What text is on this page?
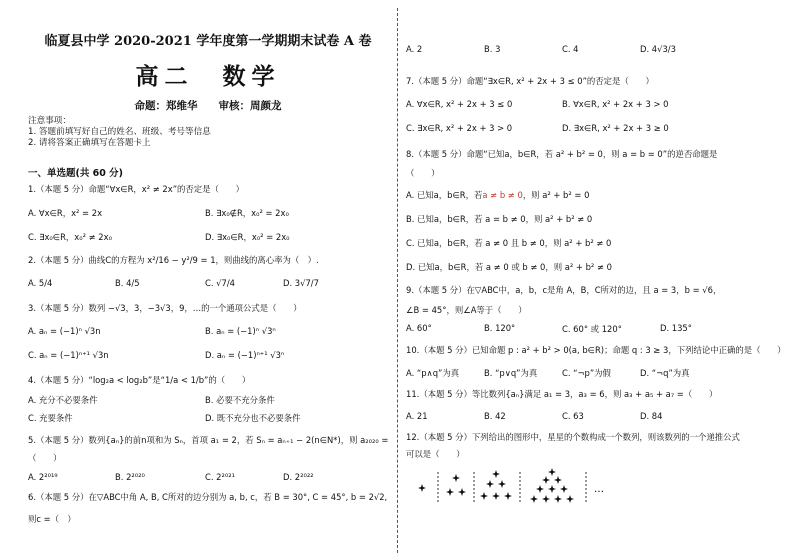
临夏县中学 2020-2021 学年度第一学期期末试卷 A 卷
高二　数学
命题：郑维华　　审核：周颜龙
注意事项：
1. 答题前填写好自己的姓名、班级、考号等信息
2. 请将答案正确填写在答题卡上
一、单选题(共 60 分)
1.（本题 5 分）命题“∀x∈R，x² ≠ 2x”的否定是（　　）
A. ∀x∈R，x² = 2x	B. ∃x₀∉R，x₀² = 2x₀
C. ∃x₀∈R，x₀² ≠ 2x₀	D. ∃x₀∈R，x₀² = 2x₀
2.（本题 5 分）曲线C的方程为 x²/16 − y²/9 = 1，则曲线的离心率为（　）.
A. 5/4	B. 4/5	C. √7/4	D. 3√7/7
3.（本题 5 分）数列 −√3，3，−3√3，9，…的一个通项公式是（　　）
A. aₙ = (−1)ⁿ √3n	B. aₙ = (−1)ⁿ √3ⁿ
C. aₙ = (−1)ⁿ⁺¹ √3n	D. aₙ = (−1)ⁿ⁺¹ √3ⁿ
4.（本题 5 分）“log₂a < log₂b”是“1/a < 1/b”的（　　）
A. 充分不必要条件	B. 必要不充分条件
C. 充要条件	D. 既不充分也不必要条件
5.（本题 5 分）数列{aₙ}的前n项和为 Sₙ，首项 a₁ = 2，若 Sₙ = aₙ₊₁ − 2(n∈N*)，则 a₂₀₂₀ =
（　　）
A. 2²⁰¹⁹	B. 2²⁰²⁰	C. 2²⁰²¹	D. 2²⁰²²
6.（本题 5 分）在▽ABC中角 A, B, C所对的边分别为 a, b, c，若 B = 30°, C = 45°, b = 2√2,
则c =（　）
A. 2	B. 3	C. 4	D. 4√3/3
7.（本题 5 分）命题“∃x∈R, x² + 2x + 3 ≤ 0”的否定是（　　）
A. ∀x∈R, x² + 2x + 3 ≤ 0	B. ∀x∈R, x² + 2x + 3 > 0
C. ∃x∈R, x² + 2x + 3 > 0	D. ∃x∈R, x² + 2x + 3 ≥ 0
8.（本题 5 分）命题“已知a，b∈R，若 a² + b² = 0，则 a = b = 0”的逆否命题是
（　　）
A. 已知a，b∈R，若a ≠ b ≠ 0，则 a² + b² = 0
B. 已知a，b∈R，若 a = b ≠ 0，则 a² + b² ≠ 0
C. 已知a，b∈R，若 a ≠ 0 且 b ≠ 0，则 a² + b² ≠ 0
D. 已知a，b∈R，若 a ≠ 0 或 b ≠ 0，则 a² + b² ≠ 0
9.（本题 5 分）在▽ABC中，a，b，c是角 A，B，C所对的边，且 a = 3，b = √6，
∠B = 45°，则∠A等于（　　）
A. 60°	B. 120°	C. 60° 或 120°	D. 135°
10.（本题 5 分）已知命题 p : a² + b² > 0(a, b∈R)；命题 q : 3 ≥ 3，下列结论中正确的是（　　）
A. “p∧q”为真	B. “p∨q”为真	C. “¬p”为假	D. “¬q”为真
11.（本题 5 分）等比数列{aₙ}满足 a₁ = 3，a₃ = 6，则 a₃ + a₅ + a₇ =（　　）
A. 21	B. 42	C. 63	D. 84
12.（本题 5 分）下列给出的图形中，星星的个数构成一个数列，则该数列的一个递推公式
可以是（　　）
…
